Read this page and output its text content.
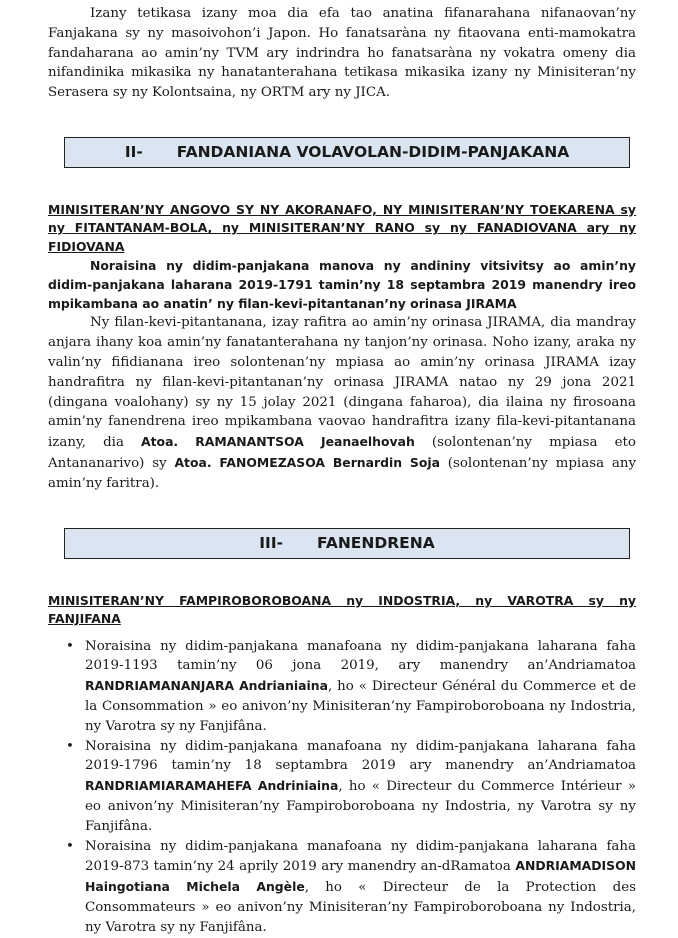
Izany tetikasa izany moa dia efa tao anatina fifanarahana nifanaovan’ny Fanjakana sy ny masoivohon’i Japon. Ho fanatsaràna ny fitaovana enti-mamokatra fandaharana ao amin’ny TVM ary indrindra ho fanatsaràna ny vokatra omeny dia nifandinika mikasika ny hanatanterahana tetikasa mikasika izany ny Minisiteran’ny Serasera sy ny Kolontsaina, ny ORTM ary ny JICA.

II- FANDANIANA VOLAVOLAN-DIDIM-PANJAKANA

MINISITERAN’NY ANGOVO SY NY AKORANAFO, NY MINISITERAN’NY TOEKARENA sy ny FITANTANAM-BOLA, ny MINISITERAN’NY RANO sy ny FANADIOVANA ary ny FIDIOVANA

Noraisina ny didim-panjakana manova ny andininy vitsivitsy ao amin’ny didim-panjakana laharana 2019-1791 tamin’ny 18 septambra 2019 manendry ireo mpikambana ao anatin’ ny filan-kevi-pitantanan’ny orinasa JIRAMA

Ny filan-kevi-pitantanana, izay rafitra ao amin’ny orinasa JIRAMA, dia mandray anjara ihany koa amin’ny fanatanterahana ny tanjon’ny orinasa. Noho izany, araka ny valin’ny fifidianana ireo solontenan’ny mpiasa ao amin’ny orinasa JIRAMA izay handrafitra ny filan-kevi-pitantanan’ny orinasa JIRAMA natao ny 29 jona 2021 (dingana voalohany) sy ny 15 jolay 2021 (dingana faharoa), dia ilaina ny firosoana amin’ny fanendrena ireo mpikambana vaovao handrafitra izany fila-kevi-pitantanana izany, dia Atoa. RAMANANTSOA Jeanaelhovah (solontenan’ny mpiasa eto Antananarivo) sy Atoa. FANOMEZASOA Bernardin Soja (solontenan’ny mpiasa any amin’ny faritra).

III- FANENDRENA

MINISITERAN’NY FAMPIROBOROBOANA ny INDOSTRIA, ny VAROTRA sy ny FANJIFANA

• Noraisina ny didim-panjakana manafoana ny didim-panjakana laharana faha 2019-1193 tamin’ny 06 jona 2019, ary manendry an’Andriamatoa RANDRIAMANANJARA Andrianiaina, ho « Directeur Général du Commerce et de la Consommation » eo anivon’ny Minisiteran’ny Fampiroboroboana ny Indostria, ny Varotra sy ny Fanjifâna.
• Noraisina ny didim-panjakana manafoana ny didim-panjakana laharana faha 2019-1796 tamin’ny 18 septambra 2019 ary manendry an’Andriamatoa RANDRIAMIARAMAHEFA Andriniaina, ho « Directeur du Commerce Intérieur » eo anivon’ny Minisiteran’ny Fampiroboroboana ny Indostria, ny Varotra sy ny Fanjifâna.
• Noraisina ny didim-panjakana manafoana ny didim-panjakana laharana faha 2019-873 tamin’ny 24 aprily 2019 ary manendry an-dRamatoa ANDRIAMADISON Haingotiana Michela Angèle, ho « Directeur de la Protection des Consommateurs » eo anivon’ny Minisiteran’ny Fampiroboroboana ny Indostria, ny Varotra sy ny Fanjifâna.
